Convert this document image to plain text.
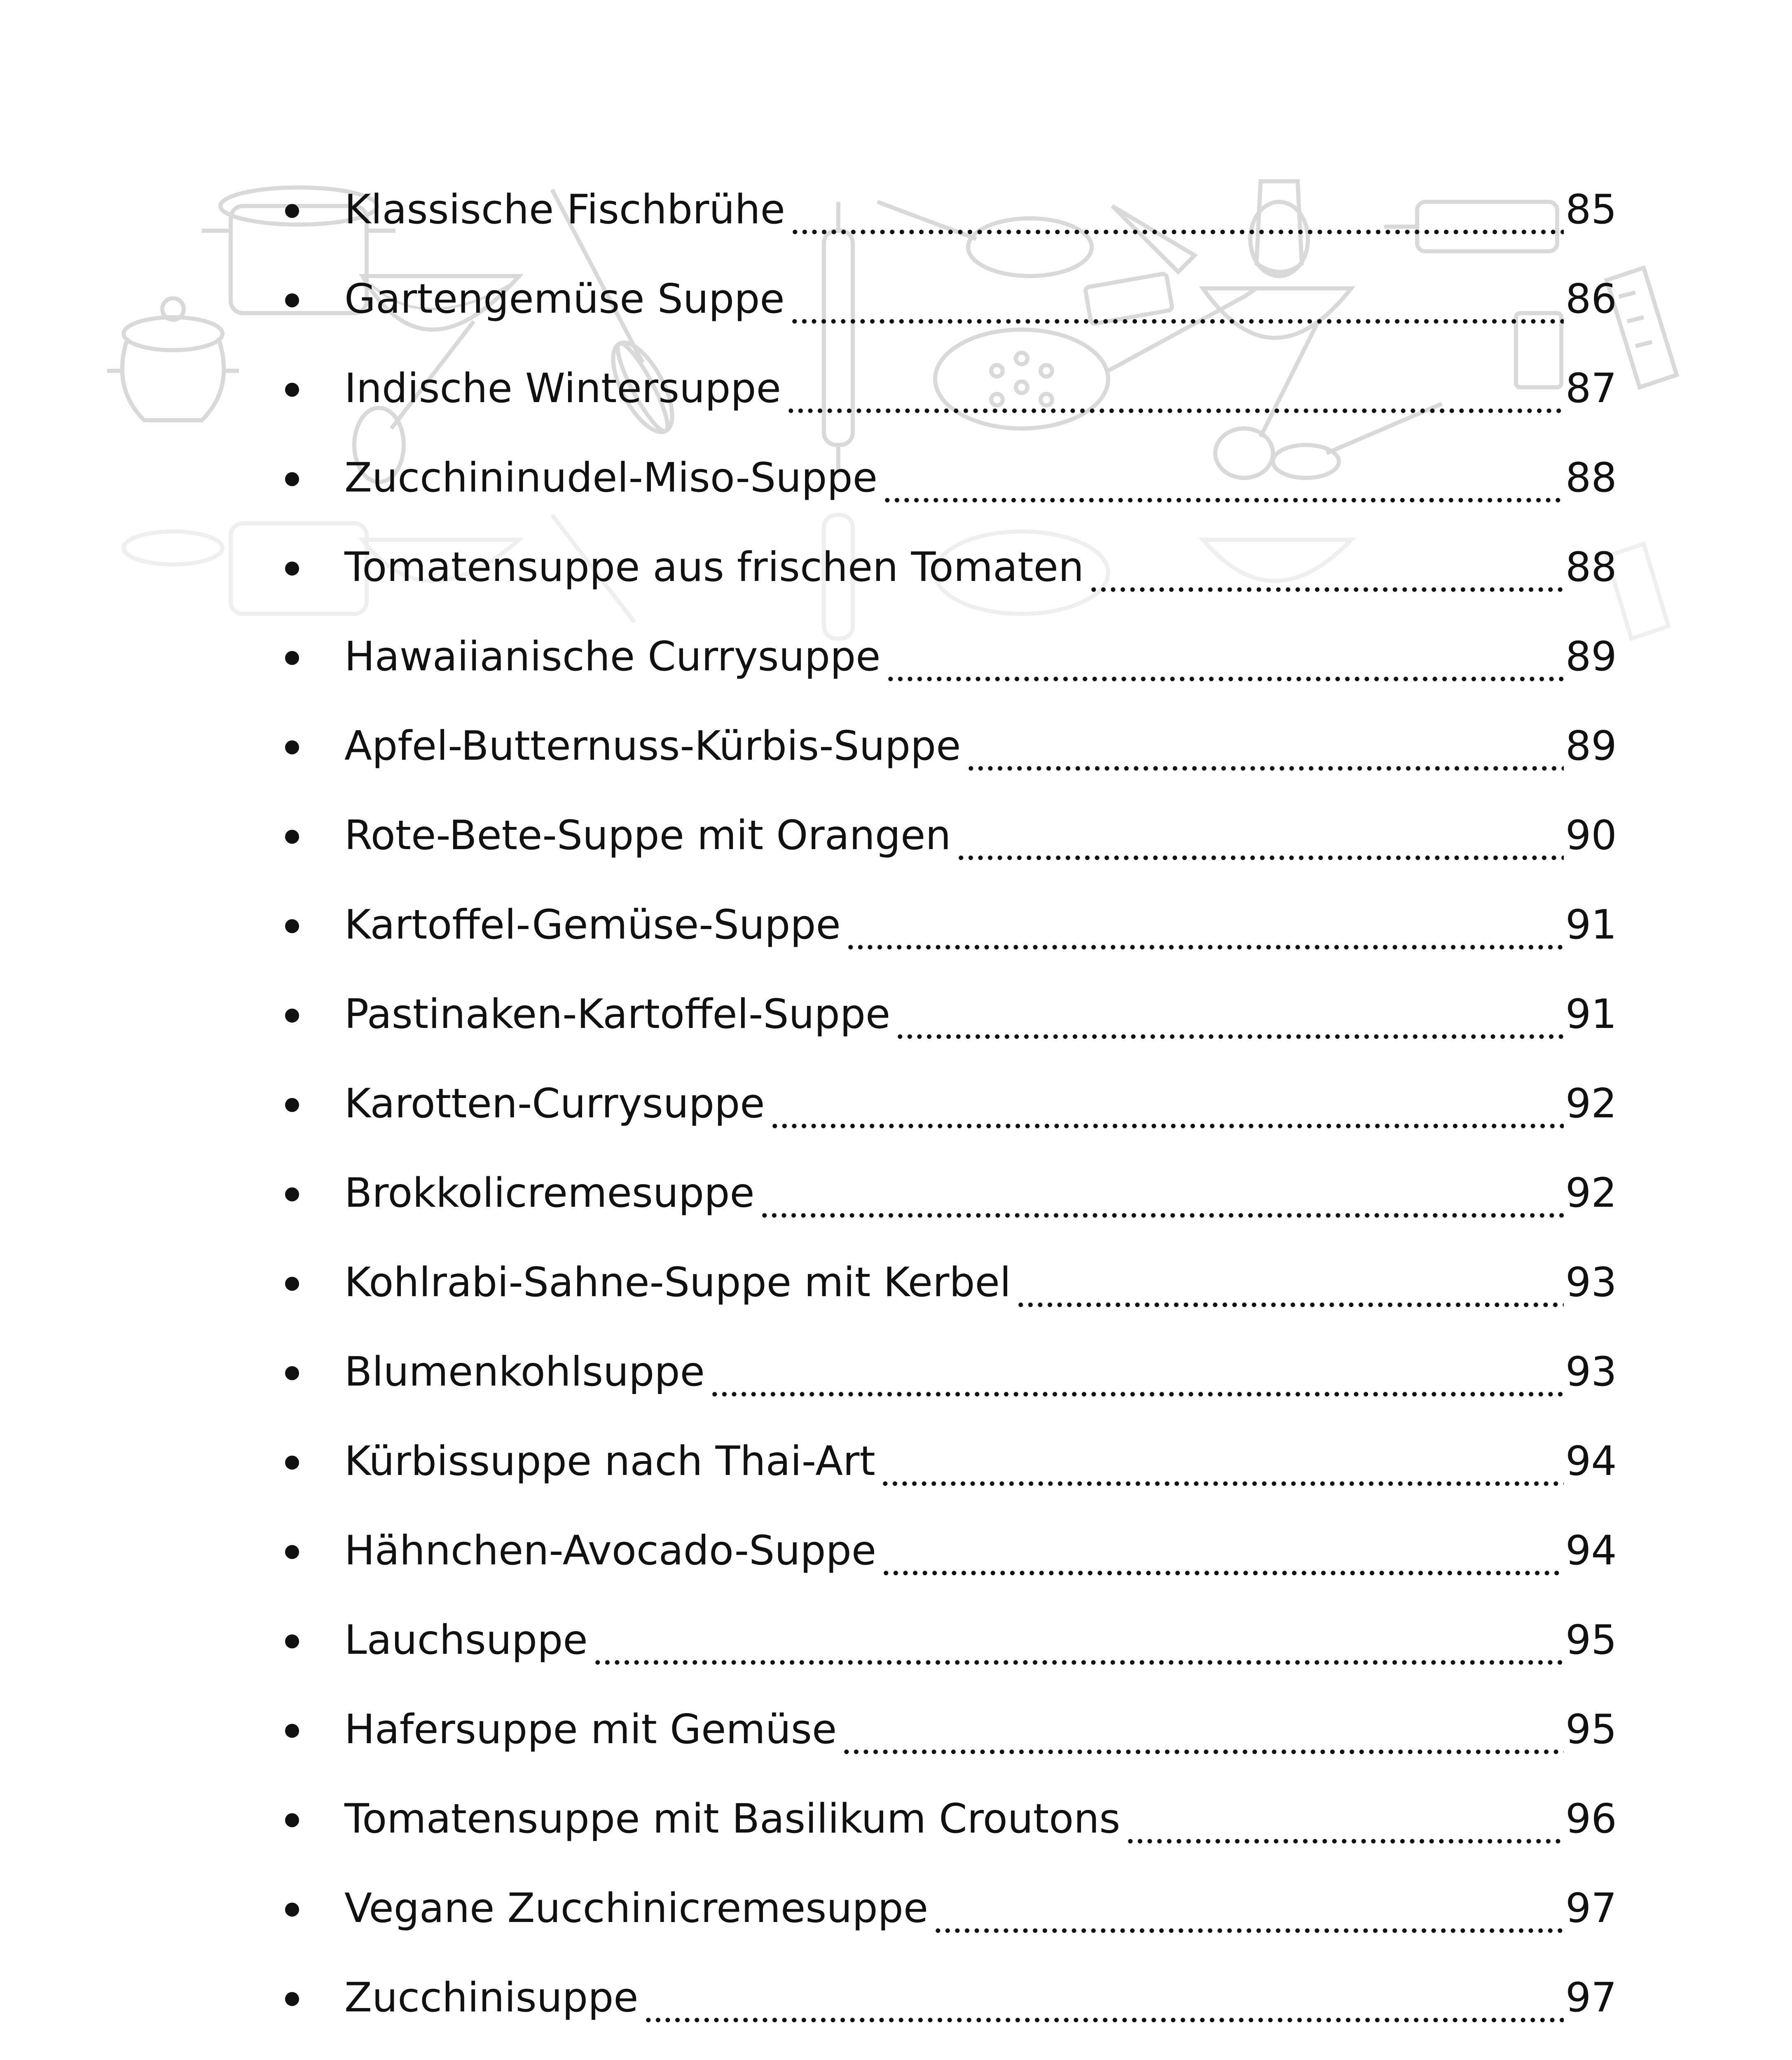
Klassische Fischbrühe	85
Gartengemüse Suppe	86
Indische Wintersuppe	87
Zucchininudel-Miso-Suppe	88
Tomatensuppe aus frischen Tomaten	88
Hawaiianische Currysuppe	89
Apfel-Butternuss-Kürbis-Suppe	89
Rote-Bete-Suppe mit Orangen	90
Kartoffel-Gemüse-Suppe	91
Pastinaken-Kartoffel-Suppe	91
Karotten-Currysuppe	92
Brokkolicremesuppe	92
Kohlrabi-Sahne-Suppe mit Kerbel	93
Blumenkohlsuppe	93
Kürbissuppe nach Thai-Art	94
Hähnchen-Avocado-Suppe	94
Lauchsuppe	95
Hafersuppe mit Gemüse	95
Tomatensuppe mit Basilikum Croutons	96
Vegane Zucchinicremesuppe	97
Zucchinisuppe	97
